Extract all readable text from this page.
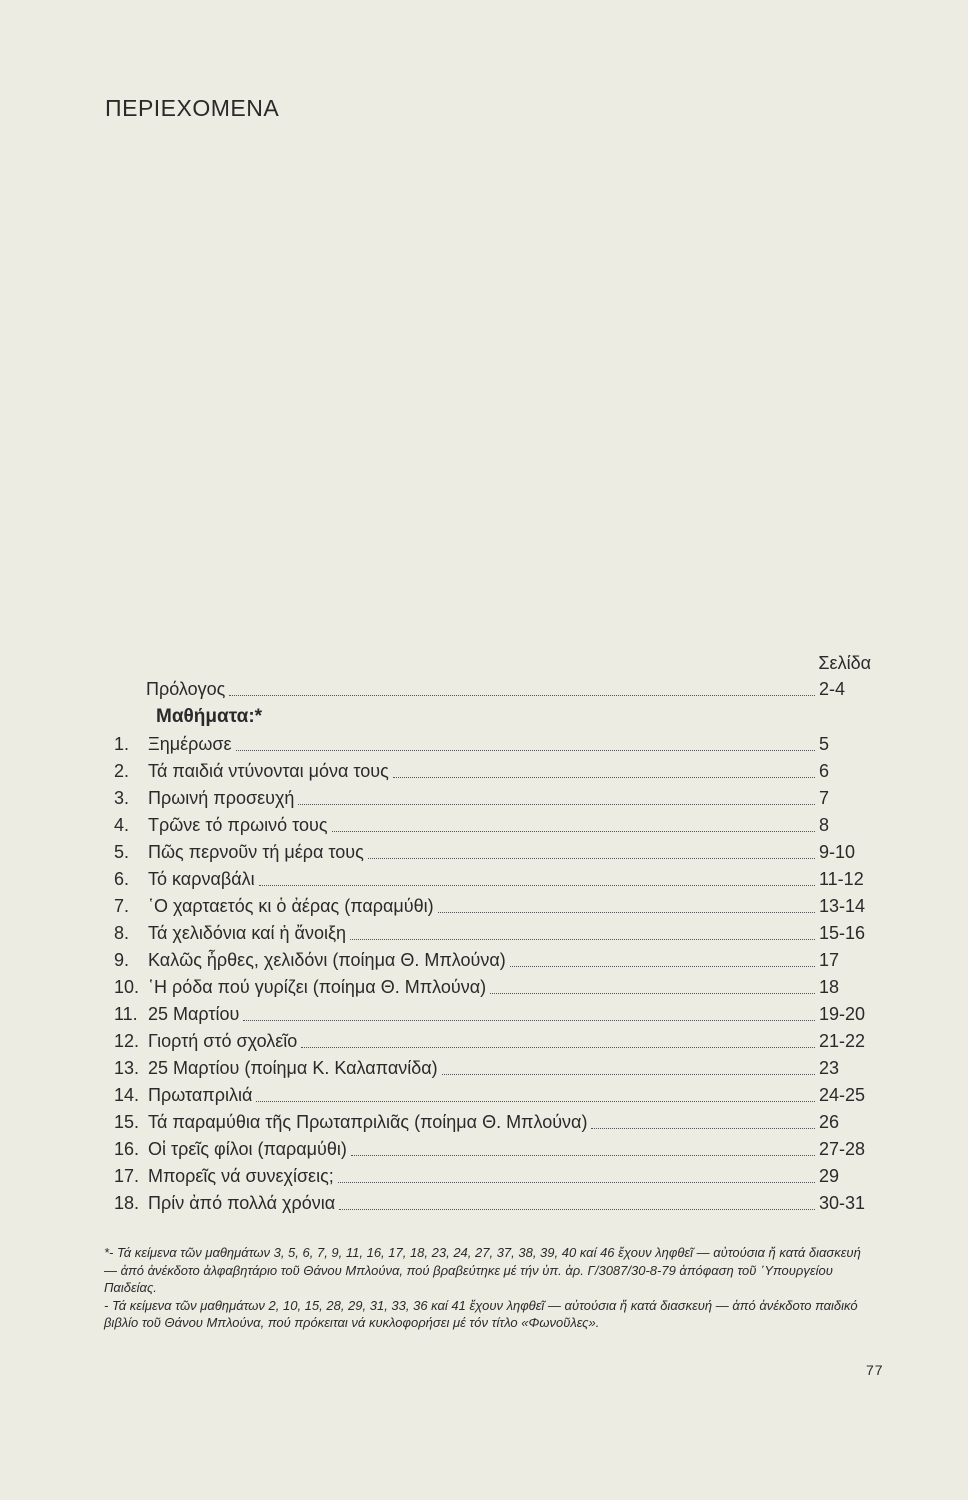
ΠΕΡΙΕΧΟΜΕΝΑ
Σελίδα
Πρόλογος	2-4
Μαθήματα:*
1.	Ξημέρωσε	5
2.	Τά παιδιά ντύνονται μόνα τους	6
3.	Πρωινή προσευχή	7
4.	Τρῶνε τό πρωινό τους	8
5.	Πῶς περνοῦν τή μέρα τους	9-10
6.	Τό καρναβάλι	11-12
7.	῾Ο χαρταετός κι ὁ ἀέρας (παραμύθι)	13-14
8.	Τά χελιδόνια καί ἡ ἄνοιξη	15-16
9.	Καλῶς ἦρθες, χελιδόνι (ποίημα Θ. Μπλούνα)	17
10. ῾Η ρόδα πού γυρίζει (ποίημα Θ. Μπλούνα)	18
11. 25 Μαρτίου	19-20
12. Γιορτή στό σχολεῖο	21-22
13. 25 Μαρτίου (ποίημα Κ. Καλαπανίδα)	23
14. Πρωταπριλιά	24-25
15. Τά παραμύθια τῆς Πρωταπριλιᾶς (ποίημα Θ. Μπλούνα)	26
16. Οἱ τρεῖς φίλοι (παραμύθι)	27-28
17. Μπορεῖς νά συνεχίσεις;	29
18. Πρίν ἀπό πολλά χρόνια	30-31

*- Τά κείμενα τῶν μαθημάτων 3, 5, 6, 7, 9, 11, 16, 17, 18, 23, 24, 27, 37, 38, 39, 40 καί 46 ἔχουν ληφθεῖ — αὐτούσια ἤ κατά διασκευή — ἀπό ἀνέκδοτο ἀλφαβητάριο τοῦ Θάνου Μπλούνα, πού βραβεύτηκε μέ τήν ὑπ. ἀρ. Γ/3087/30-8-79 ἀπόφαση τοῦ ῾Υπουργείου Παιδείας.

- Τά κείμενα τῶν μαθημάτων 2, 10, 15, 28, 29, 31, 33, 36 καί 41 ἔχουν ληφθεῖ — αὐτούσια ἤ κατά διασκευή — ἀπό ἀνέκδοτο παιδικό βιβλίο τοῦ Θάνου Μπλούνα, πού πρόκειται νά κυκλοφορήσει μέ τόν τίτλο «Φωνοῦλες».

77
